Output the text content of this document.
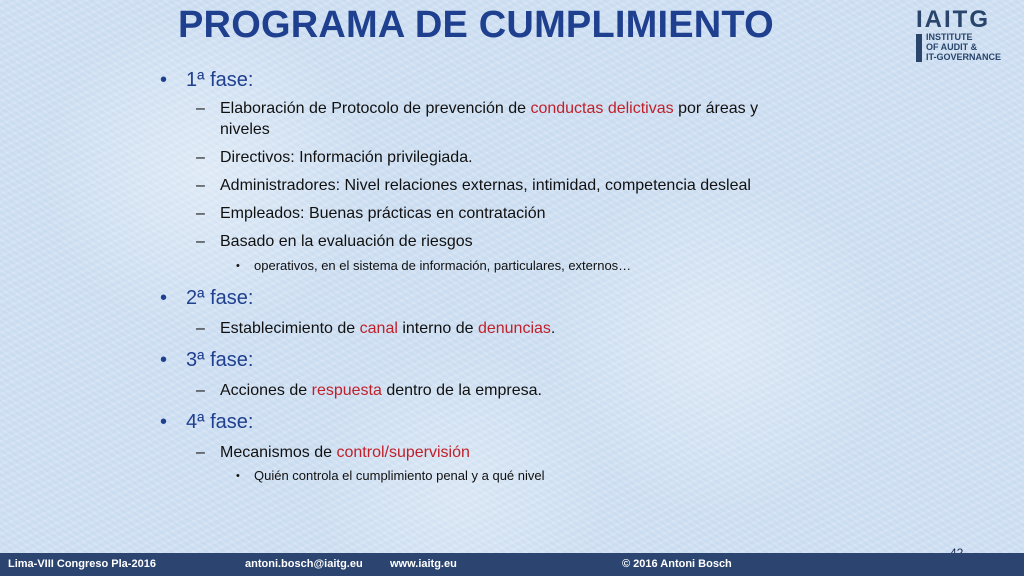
PROGRAMA DE CUMPLIMIENTO	IAITG
INSTITUTE
OF AUDIT &
IT-GOVERNANCE

• 1ª fase:

– Elaboración de Protocolo de prevención de conductas delictivas por áreas y
niveles

– Directivos: Información privilegiada.

– Administradores: Nivel relaciones externas, intimidad, competencia desleal

– Empleados: Buenas prácticas en contratación

– Basado en la evaluación de riesgos

• operativos, en el sistema de información, particulares, externos…

• 2ª fase:

– Establecimiento de canal interno de denuncias.

• 3ª fase:

– Acciones de respuesta dentro de la empresa.

• 4ª fase:

– Mecanismos de control/supervisión

• Quién controla el cumplimiento penal y a qué nivel

Lima-VIII Congreso Pla-2016	antoni.bosch@iaitg.eu www.iaitg.eu	© 2016 Antoni Bosch
